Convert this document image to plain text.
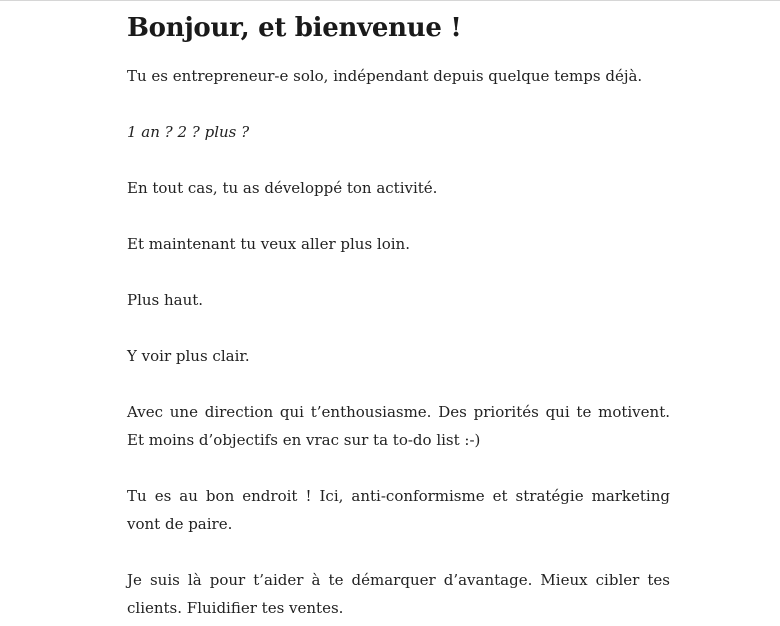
Bonjour, et bienvenue !

Tu es entrepreneur-e solo, indépendant depuis quelque temps déjà.

1 an ? 2 ? plus ?

En tout cas, tu as développé ton activité.

Et maintenant tu veux aller plus loin.

Plus haut.

Y voir plus clair.

Avec une direction qui t’enthousiasme. Des priorités qui te motivent. Et moins d’objectifs en vrac sur ta to-do list :-)

Tu es au bon endroit ! Ici, anti-conformisme et stratégie marketing vont de paire.

Je suis là pour t’aider à te démarquer d’avantage. Mieux cibler tes clients. Fluidifier tes ventes.
